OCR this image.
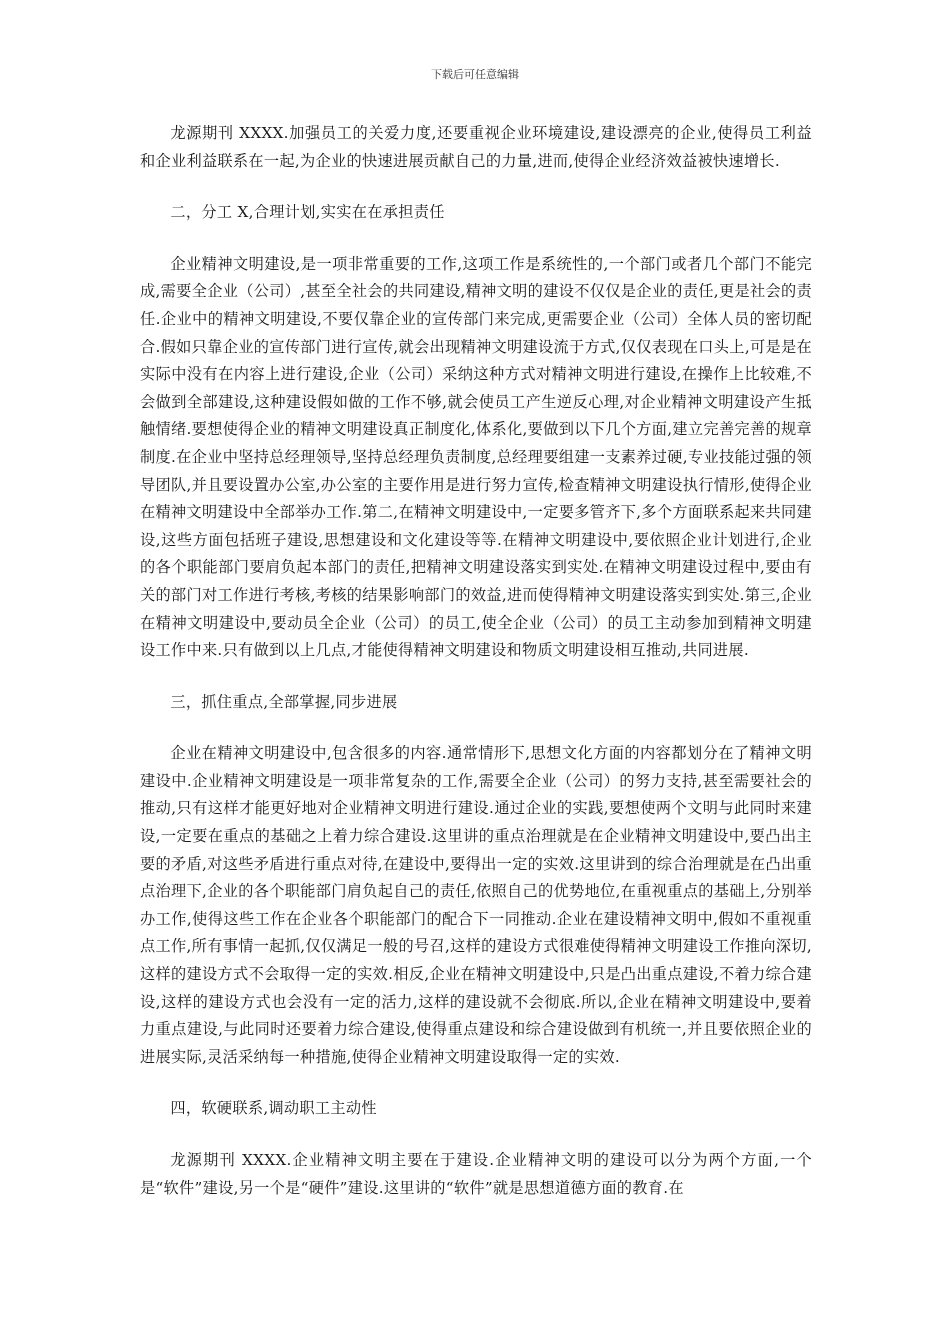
下载后可任意编辑

龙源期刊 XXXX.加强员工的关爱力度,还要重视企业环境建设,建设漂亮的企业,使得员工利益和企业利益联系在一起,为企业的快速进展贡献自己的力量,进而,使得企业经济效益被快速增长.

二，分工 X,合理计划,实实在在承担责任

企业精神文明建设,是一项非常重要的工作,这项工作是系统性的,一个部门或者几个部门不能完成,需要全企业（公司）,甚至全社会的共同建设,精神文明的建设不仅仅是企业的责任,更是社会的责任.企业中的精神文明建设,不要仅靠企业的宣传部门来完成,更需要企业（公司）全体人员的密切配合.假如只靠企业的宣传部门进行宣传,就会出现精神文明建设流于方式,仅仅表现在口头上,可是是在实际中没有在内容上进行建设,企业（公司）采纳这种方式对精神文明进行建设,在操作上比较难,不会做到全部建设,这种建设假如做的工作不够,就会使员工产生逆反心理,对企业精神文明建设产生抵触情绪.要想使得企业的精神文明建设真正制度化,体系化,要做到以下几个方面,建立完善完善的规章制度.在企业中坚持总经理领导,坚持总经理负责制度,总经理要组建一支素养过硬,专业技能过强的领导团队,并且要设置办公室,办公室的主要作用是进行努力宣传,检查精神文明建设执行情形,使得企业在精神文明建设中全部举办工作.第二,在精神文明建设中,一定要多管齐下,多个方面联系起来共同建设,这些方面包括班子建设,思想建设和文化建设等等.在精神文明建设中,要依照企业计划进行,企业的各个职能部门要肩负起本部门的责任,把精神文明建设落实到实处.在精神文明建设过程中,要由有关的部门对工作进行考核,考核的结果影响部门的效益,进而使得精神文明建设落实到实处.第三,企业在精神文明建设中,要动员全企业（公司）的员工,使全企业（公司）的员工主动参加到精神文明建设工作中来.只有做到以上几点,才能使得精神文明建设和物质文明建设相互推动,共同进展.

三，抓住重点,全部掌握,同步进展

企业在精神文明建设中,包含很多的内容.通常情形下,思想文化方面的内容都划分在了精神文明建设中.企业精神文明建设是一项非常复杂的工作,需要全企业（公司）的努力支持,甚至需要社会的推动,只有这样才能更好地对企业精神文明进行建设.通过企业的实践,要想使两个文明与此同时来建设,一定要在重点的基础之上着力综合建设.这里讲的重点治理就是在企业精神文明建设中,要凸出主要的矛盾,对这些矛盾进行重点对待,在建设中,要得出一定的实效.这里讲到的综合治理就是在凸出重点治理下,企业的各个职能部门肩负起自己的责任,依照自己的优势地位,在重视重点的基础上,分别举办工作,使得这些工作在企业各个职能部门的配合下一同推动.企业在建设精神文明中,假如不重视重点工作,所有事情一起抓,仅仅满足一般的号召,这样的建设方式很难使得精神文明建设工作推向深切,这样的建设方式不会取得一定的实效.相反,企业在精神文明建设中,只是凸出重点建设,不着力综合建设,这样的建设方式也会没有一定的活力,这样的建设就不会彻底.所以,企业在精神文明建设中,要着力重点建设,与此同时还要着力综合建设,使得重点建设和综合建设做到有机统一,并且要依照企业的进展实际,灵活采纳每一种措施,使得企业精神文明建设取得一定的实效.

四，软硬联系,调动职工主动性

龙源期刊 XXXX.企业精神文明主要在于建设.企业精神文明的建设可以分为两个方面,一个是“软件”建设,另一个是“硬件”建设.这里讲的“软件”就是思想道德方面的教育.在
